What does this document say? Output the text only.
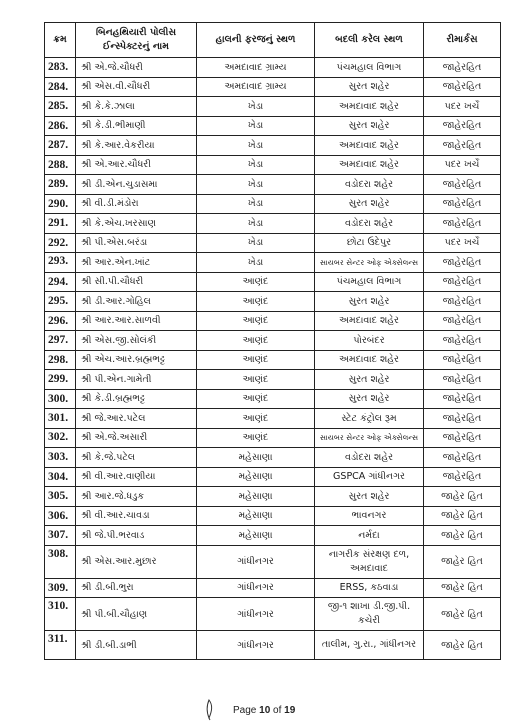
ક્રમ	બિનહથિયારી પોલીસ ઈન્સ્પેક્ટરનું નામ	હાલની ફરજનું સ્થળ	બદલી કરેલ સ્થળ	રીમાર્કસ
283.	શ્રી એ.જે.ચૌધરી	અમદાવાદ ગ્રામ્ય	પંચમહાલ વિભાગ	જાહેરહિત
284.	શ્રી એસ.વી.ચૌધરી	અમદાવાદ ગ્રામ્ય	સુરત શહેર	જાહેરહિત
285.	શ્રી કે.કે.ઝાલા	ખેડા	અમદાવાદ શહેર	પદર ખર્ચે
286.	શ્રી કે.ડી.ભીમાણી	ખેડા	સુરત શહેર	જાહેરહિત
287.	શ્રી કે.આર.વેકરીયા	ખેડા	અમદાવાદ શહેર	જાહેરહિત
288.	શ્રી એ.આર.ચૌધરી	ખેડા	અમદાવાદ શહેર	પદર ખર્ચે
289.	શ્રી ડી.એન.ચુડાસમા	ખેડા	વડોદરા શહેર	જાહેરહિત
290.	શ્રી વી.ડી.મંડોરા	ખેડા	સુરત શહેર	જાહેરહિત
291.	શ્રી કે.એચ.ખરસાણ	ખેડા	વડોદરા શહેર	જાહેરહિત
292.	શ્રી પી.એસ.બરંડા	ખેડા	છોટા ઉદેપુર	પદર ખર્ચે
293.	શ્રી આર.એન.ખાંટ	ખેડા	સાયબર સેન્ટર ઓફ એક્સેલન્સ	જાહેરહિત
294.	શ્રી સી.પી.ચૌધરી	આણંદ	પંચમહાલ વિભાગ	જાહેરહિત
295.	શ્રી ડી.આર.ગોહિલ	આણંદ	સુરત શહેર	જાહેરહિત
296.	શ્રી આર.આર.સાળવી	આણંદ	અમદાવાદ શહેર	જાહેરહિત
297.	શ્રી એસ.જી.સોલંકી	આણંદ	પોરબંદર	જાહેરહિત
298.	શ્રી એચ.આર.બ્રહ્મભટ્ટ	આણંદ	અમદાવાદ શહેર	જાહેરહિત
299.	શ્રી પી.એન.ગામેતી	આણંદ	સુરત શહેર	જાહેરહિત
300.	શ્રી કે.ડી.બ્રહ્મભટ્ટ	આણંદ	સુરત શહેર	જાહેરહિત
301.	શ્રી જે.આર.પટેલ	આણંદ	સ્ટેટ કંટ્રોલ રૂમ	જાહેરહિત
302.	શ્રી એ.જે.અસારી	આણંદ	સાયબર સેન્ટર ઓફ એક્સેલન્સ	જાહેરહિત
303.	શ્રી કે.જે.પટેલ	મહેસાણા	વડોદરા શહેર	જાહેરહિત
304.	શ્રી વી.આર.વાણીયા	મહેસાણા	GSPCA ગાંધીનગર	જાહેરહિત
305.	શ્રી આર.જે.ધડુક	મહેસાણા	સુરત શહેર	જાહેર હિત
306.	શ્રી વી.આર.ચાવડા	મહેસાણા	ભાવનગર	જાહેર હિત
307.	શ્રી જે.પી.ભરવાડ	મહેસાણા	નર્મદા	જાહેર હિત
308.	શ્રી એસ.આર.મુછાર	ગાંધીનગર	નાગરીક સંરક્ષણ દળ, અમદાવાદ	જાહેર હિત
309.	શ્રી ડી.બી.ભુરા	ગાંધીનગર	ERSS, કઠવાડા	જાહેર હિત
310.	શ્રી પી.બી.ચૌહાણ	ગાંધીનગર	જી-૧ શાખા ડી.જી.પી. કચેરી	જાહેર હિત
311.	શ્રી ડી.બી.ડાભી	ગાંધીનગર	તાલીમ, ગુ.રા., ગાંધીનગર	જાહેર હિત
Page 10 of 19
